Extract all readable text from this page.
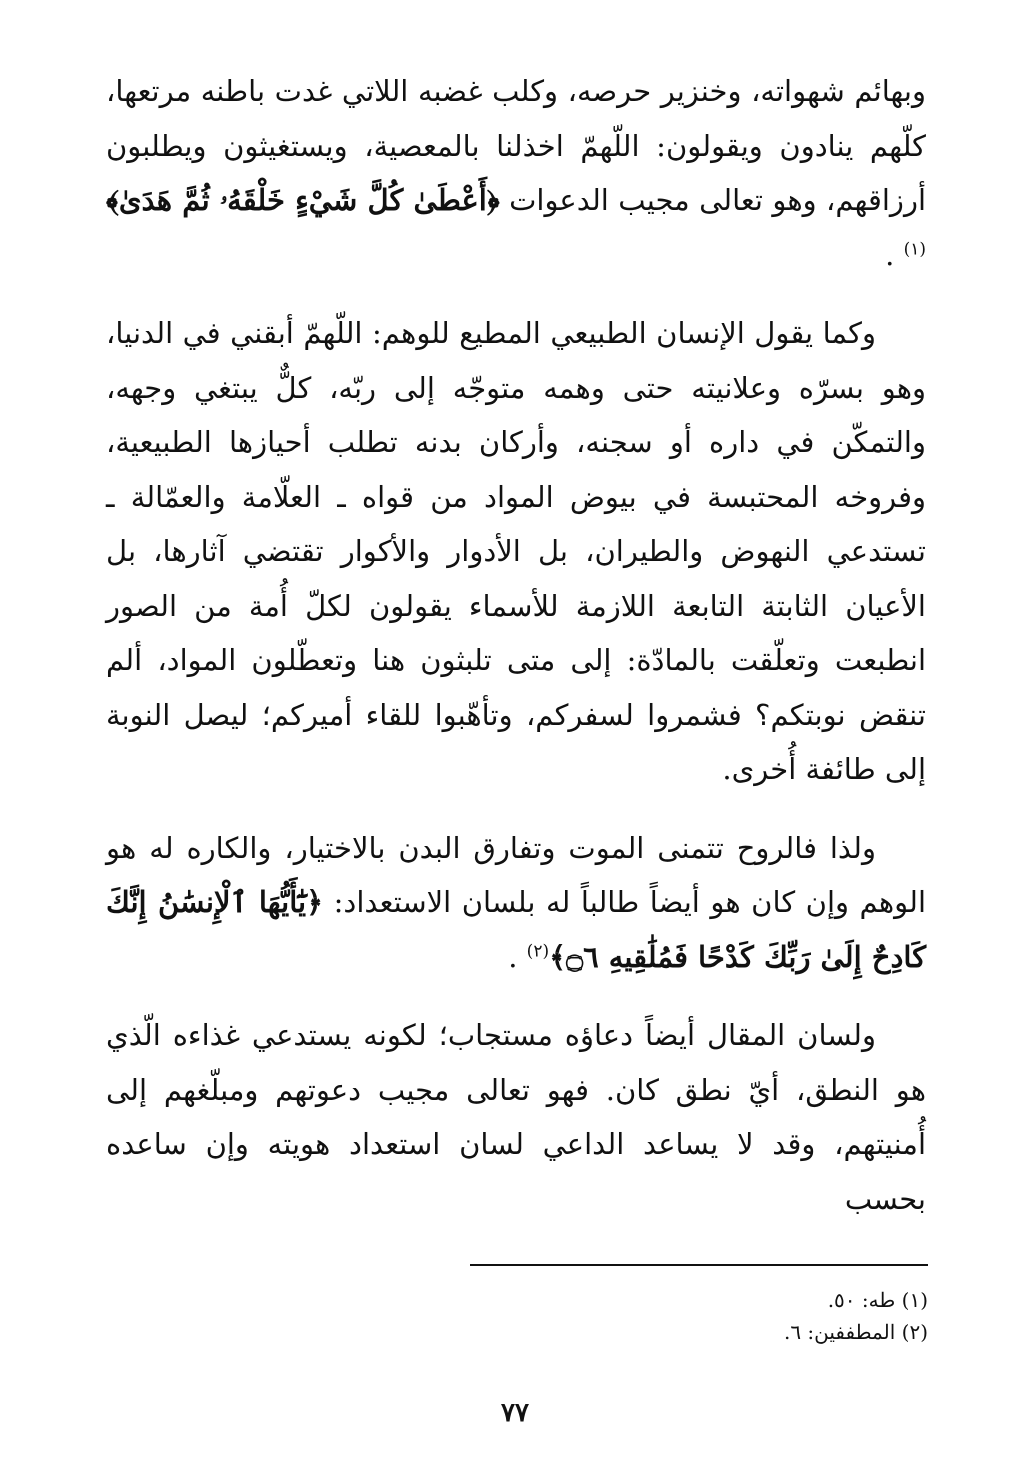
وبهائم شهواته، وخنزير حرصه، وكلب غضبه اللاتي غدت باطنه مرتعها، كلّهم ينادون ويقولون: اللّهمّ اخذلنا بالمعصية، ويستغيثون ويطلبون أرزاقهم، وهو تعالى مجيب الدعوات ﴿أَعْطَىٰ كُلَّ شَيْءٍ خَلْقَهُۥ ثُمَّ هَدَىٰ﴾$^{(١)}$ .

وكما يقول الإنسان الطبيعي المطيع للوهم: اللّهمّ أبقني في الدنيا، وهو بسرّه وعلانيته حتى وهمه متوجّه إلى ربّه، كلٌّ يبتغي وجهه، والتمكّن في داره أو سجنه، وأركان بدنه تطلب أحيازها الطبيعية، وفروخه المحتبسة في بيوض المواد من قواه ـ العلّامة والعمّالة ـ تستدعي النهوض والطيران، بل الأدوار والأكوار تقتضي آثارها، بل الأعيان الثابتة التابعة اللازمة للأسماء يقولون لكلّ أُمة من الصور انطبعت وتعلّقت بالمادّة: إلى متى تلبثون هنا وتعطّلون المواد، ألم تنقض نوبتكم؟ فشمروا لسفركم، وتأهّبوا للقاء أميركم؛ ليصل النوبة إلى طائفة أُخرى.

ولذا فالروح تتمنى الموت وتفارق البدن بالاختيار، والكاره له هو الوهم وإن كان هو أيضاً طالباً له بلسان الاستعداد: ﴿يَٰٓأَيُّهَا ٱلْإِنسَٰنُ إِنَّكَ كَادِحٌ إِلَىٰ رَبِّكَ كَدْحًا فَمُلَٰقِيهِ ۝٦﴾$^{(٢)}$ .

ولسان المقال أيضاً دعاؤه مستجاب؛ لكونه يستدعي غذاءه الّذي هو النطق، أيّ نطق كان. فهو تعالى مجيب دعوتهم ومبلّغهم إلى أُمنيتهم، وقد لا يساعد الداعي لسان استعداد هويته وإن ساعده بحسب

(١) طه: ٥٠.

(٢) المطففين: ٦.

٧٧
